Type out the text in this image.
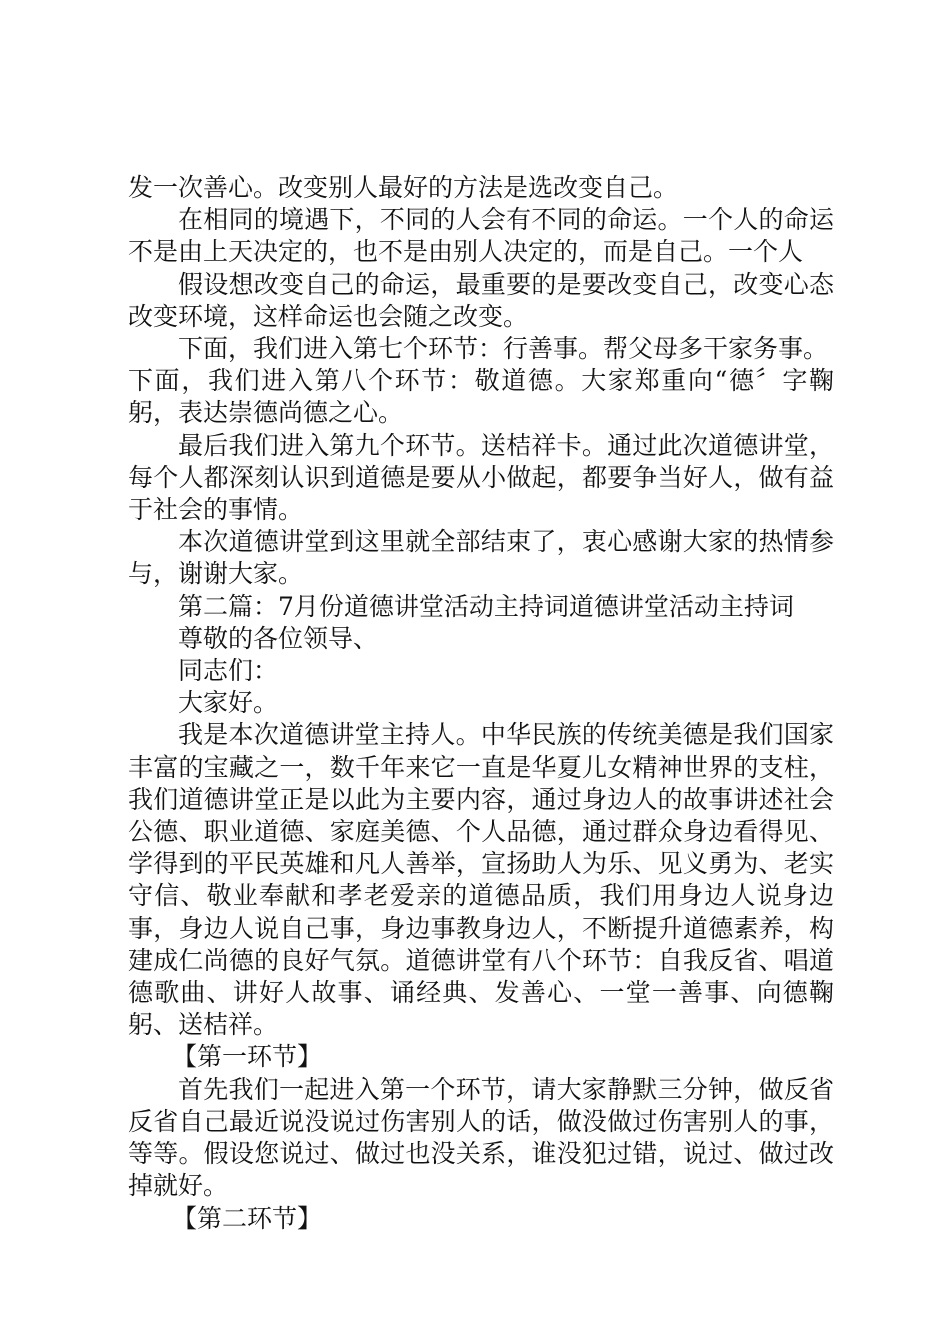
发一次善心。改变别人最好的方法是选改变自己。

在相同的境遇下，不同的人会有不同的命运。一个人的命运不是由上天决定的，也不是由别人决定的，而是自己。一个人

假设想改变自己的命运，最重要的是要改变自己，改变心态改变环境，这样命运也会随之改变。

下面，我们进入第七个环节：行善事。帮父母多干家务事。

下面，我们进入第八个环节：敬道德。大家郑重向“德〞字鞠躬，表达崇德尚德之心。

最后我们进入第九个环节。送桔祥卡。通过此次道德讲堂，每个人都深刻认识到道德是要从小做起，都要争当好人，做有益于社会的事情。

本次道德讲堂到这里就全部结束了，衷心感谢大家的热情参与，谢谢大家。

第二篇：7月份道德讲堂活动主持词道德讲堂活动主持词

尊敬的各位领导、

同志们：

大家好。

我是本次道德讲堂主持人。中华民族的传统美德是我们国家丰富的宝藏之一，数千年来它一直是华夏儿女精神世界的支柱，我们道德讲堂正是以此为主要内容，通过身边人的故事讲述社会公德、职业道德、家庭美德、个人品德，通过群众身边看得见、学得到的平民英雄和凡人善举，宣扬助人为乐、见义勇为、老实守信、敬业奉献和孝老爱亲的道德品质，我们用身边人说身边事，身边人说自己事，身边事教身边人，不断提升道德素养，构建成仁尚德的良好气氛。道德讲堂有八个环节：自我反省、唱道德歌曲、讲好人故事、诵经典、发善心、一堂一善事、向德鞠躬、送桔祥。

【第一环节】

首先我们一起进入第一个环节，请大家静默三分钟，做反省反省自己最近说没说过伤害别人的话，做没做过伤害别人的事，等等。假设您说过、做过也没关系，谁没犯过错，说过、做过改掉就好。

【第二环节】
